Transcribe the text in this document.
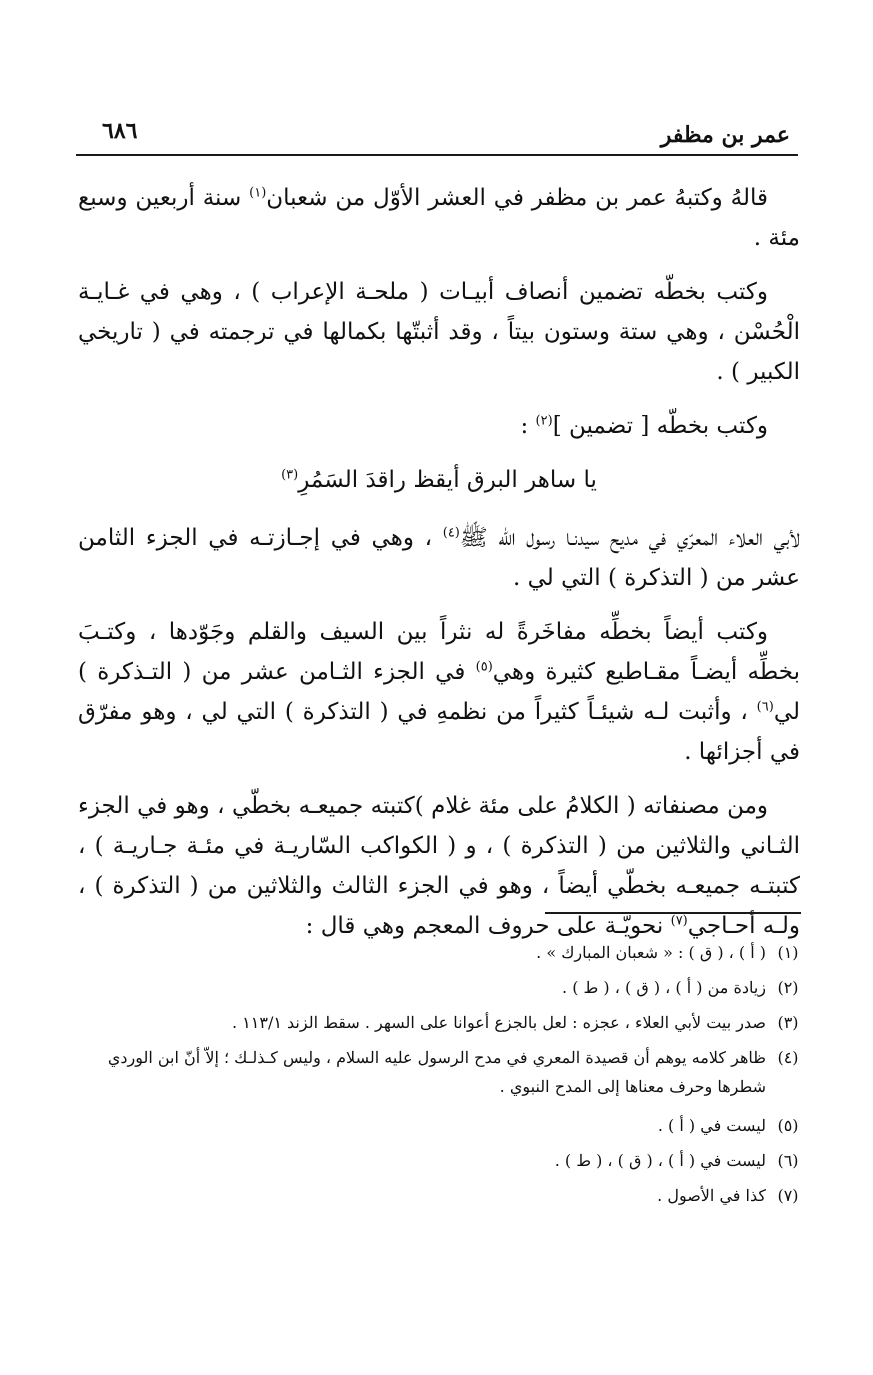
عمر بن مظفر
٦٨٦

قالهُ وكتبهُ عمر بن مظفر في العشر الأوّل من شعبان$^{(١)}$ سنة أربعين وسبع مئة .

وكتب بخطّه تضمين أنصاف أبيـات ( ملحـة الإعراب ) ، وهي في غـايـة الْحُسْن ، وهي ستة وستون بيتاً ، وقد أثبتّها بكمالها في ترجمته في ( تاريخي الكبير ) .

وكتب بخطّه [ تضمين ]$^{(٢)}$ :

يا ساهر البرق أيقظ راقدَ السَمُرِ$^{(٣)}$

لأبي العلاء المعرّي في مديح سيدنـا رسول الله ﷺ$^{(٤)}$ ، وهي في إجـازتـه في الجزء الثامن عشر من ( التذكرة ) التي لي .

وكتب أيضاً بخطِّه مفاخَرةً له نثراً بين السيف والقلم وجَوّدها ، وكتـبَ بخطِّه أيضـاً مقـاطيع كثيرة وهي$^{(٥)}$ في الجزء الثـامن عشر من ( التـذكرة ) لي$^{(٦)}$ ، وأثبت لـه شيئـاً كثيراً من نظمهِ في ( التذكرة ) التي لي ، وهو مفرّق في أجزائها .

ومن مصنفاته ( الكلامُ على مئة غلام )كتبته جميعـه بخطّي ، وهو في الجزء الثـاني والثلاثين من ( التذكرة ) ، و ( الكواكب السّاريـة في مئـة جـاريـة ) ، كتبتـه جميعـه بخطّي أيضاً ، وهو في الجزء الثالث والثلاثين من ( التذكرة ) ، ولـه أحـاجي$^{(٧)}$ نحويّـة على حروف المعجم وهي قال :

(١)
( أ ) ، ( ق ) : « شعبان المبارك » .
(٢)
زيادة من ( أ ) ، ( ق ) ، ( ط ) .
(٣)
صدر بيت لأبي العلاء ، عجزه : لعل بالجزع أعوانا على السهر . سقط الزند ١١٣/١ .
(٤)
ظاهر كلامه يوهم أن قصيدة المعري في مدح الرسول عليه السلام ، وليس كـذلـك ؛ إلاّ أنّ ابن الوردي شطرها وحرف معناها إلى المدح النبوي .
(٥)
ليست في ( أ ) .
(٦)
ليست في ( أ ) ، ( ق ) ، ( ط ) .
(٧)
كذا في الأصول .
